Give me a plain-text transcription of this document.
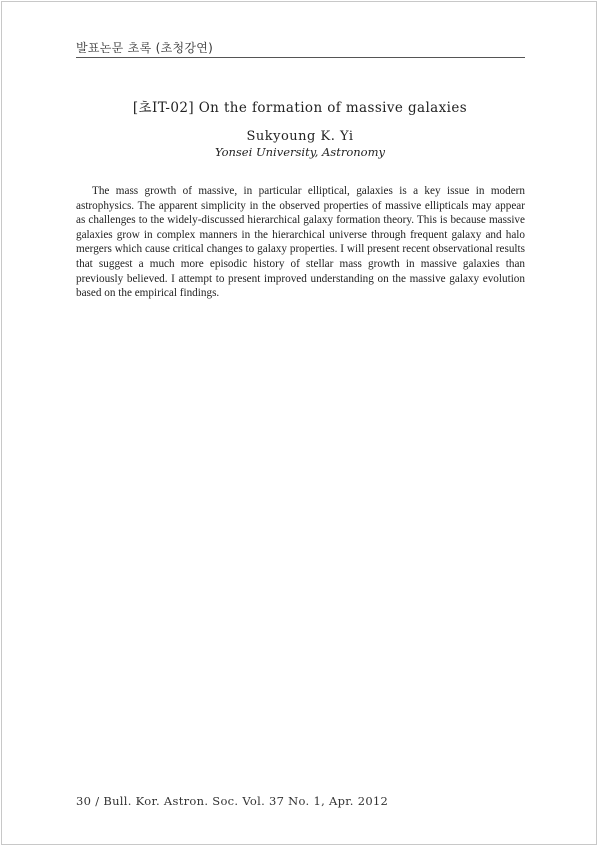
발표논문 초록 (초청강연)
[초IT-02] On the formation of massive galaxies
Sukyoung K. Yi
Yonsei University, Astronomy

The mass growth of massive, in particular elliptical, galaxies is a key issue in modern astrophysics. The apparent simplicity in the observed properties of massive ellipticals may appear as challenges to the widely-discussed hierarchical galaxy formation theory. This is because massive galaxies grow in complex manners in the hierarchical universe through frequent galaxy and halo mergers which cause critical changes to galaxy properties. I will present recent observational results that suggest a much more episodic history of stellar mass growth in massive galaxies than previously believed. I attempt to present improved understanding on the massive galaxy evolution based on the empirical findings.

30 / Bull. Kor. Astron. Soc. Vol. 37 No. 1, Apr. 2012
